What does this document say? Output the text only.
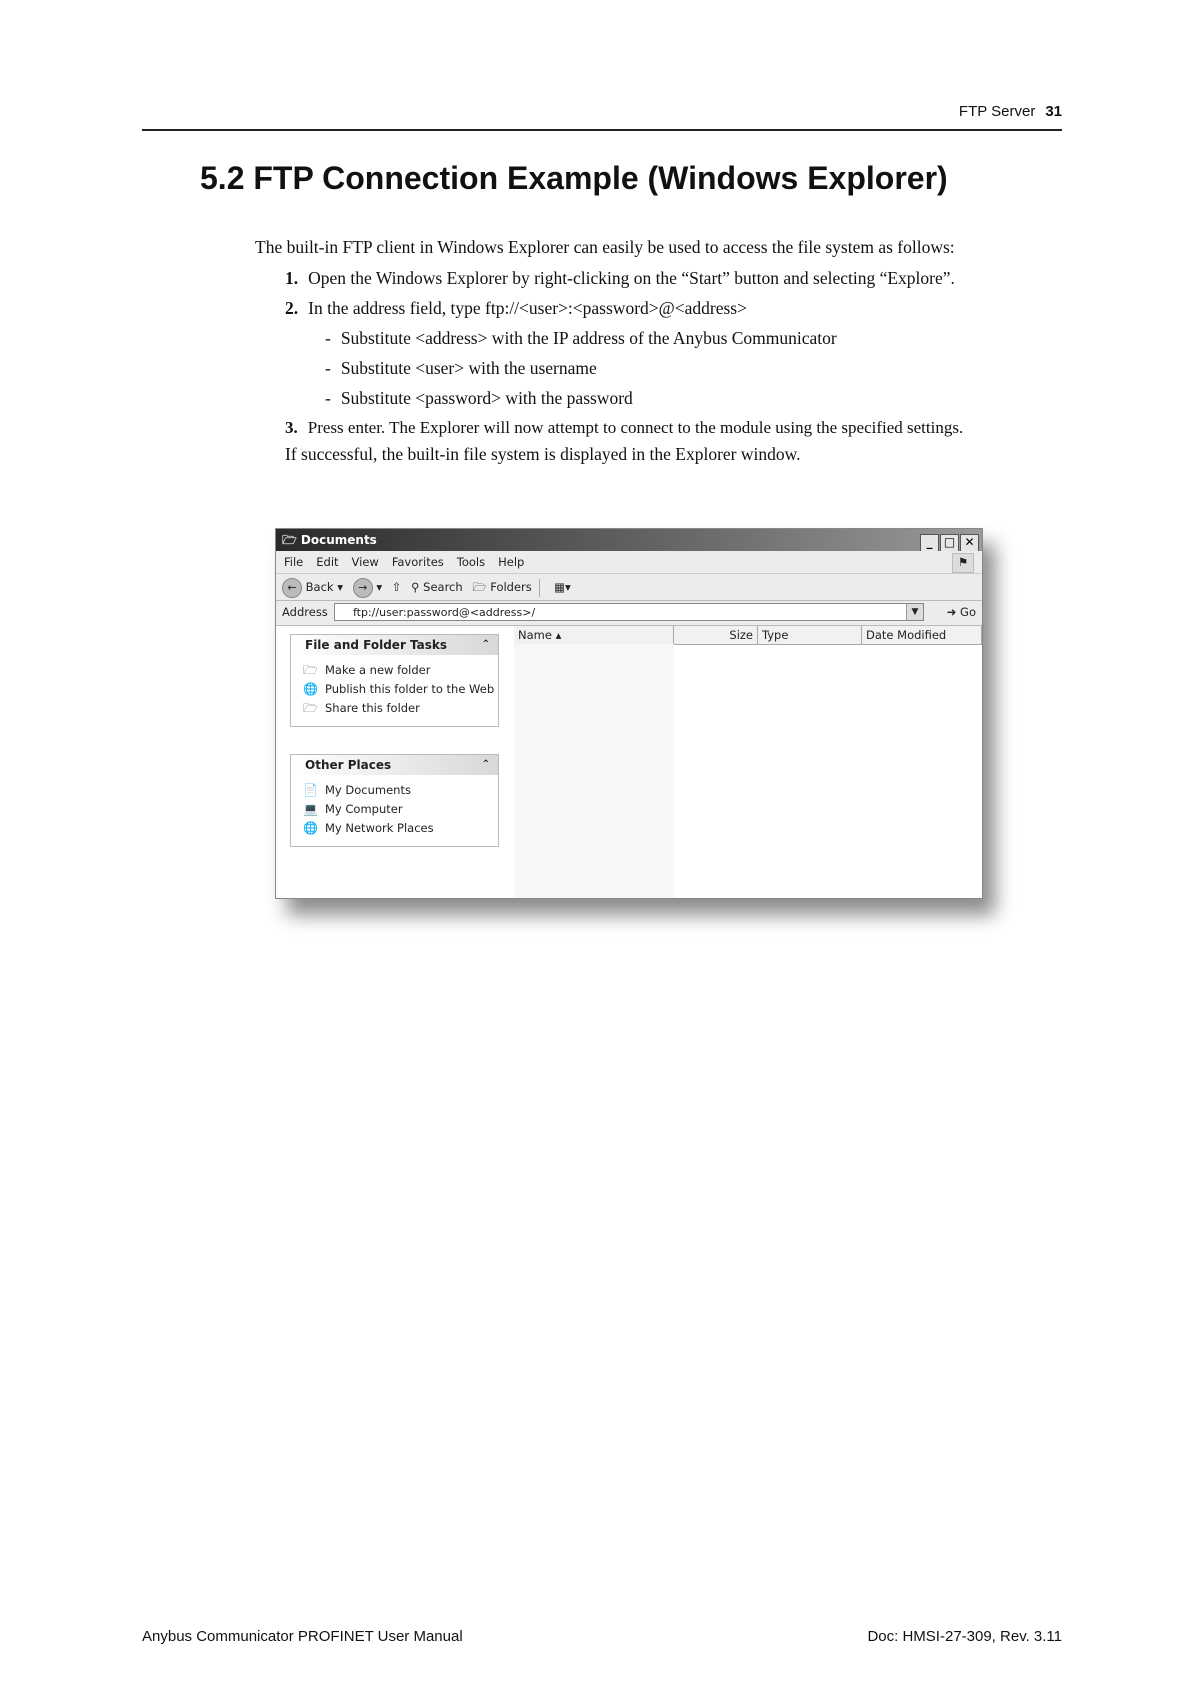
FTP Server 31
5.2 FTP Connection Example (Windows Explorer)
The built-in FTP client in Windows Explorer can easily be used to access the file system as follows:
1. Open the Windows Explorer by right-clicking on the “Start” button and selecting “Explore”.
2. In the address field, type ftp://<user>:<password>@<address>
- Substitute <address> with the IP address of the Anybus Communicator
- Substitute <user> with the username
- Substitute <password> with the password
3. Press enter. The Explorer will now attempt to connect to the module using the specified settings.
If successful, the built-in file system is displayed in the Explorer window.
🗁 Documents	_ □ ✕
File Edit View Favorites Tools Help	⚑
← Back ▾ → ▾ ⇧ ⚲ Search 🗁 Folders ▦▾
Address	ftp://user:password@<address>/	▼	➜ Go
File and Folder Tasks	⌃
🗁 Make a new folder
🌐 Publish this folder to the Web
🗁 Share this folder
Other Places	⌃
📄 My Documents
💻 My Computer
🌐 My Network Places
Name ▴	Size Type	Date Modified
Anybus Communicator PROFINET User Manual	Doc: HMSI-27-309, Rev. 3.11
